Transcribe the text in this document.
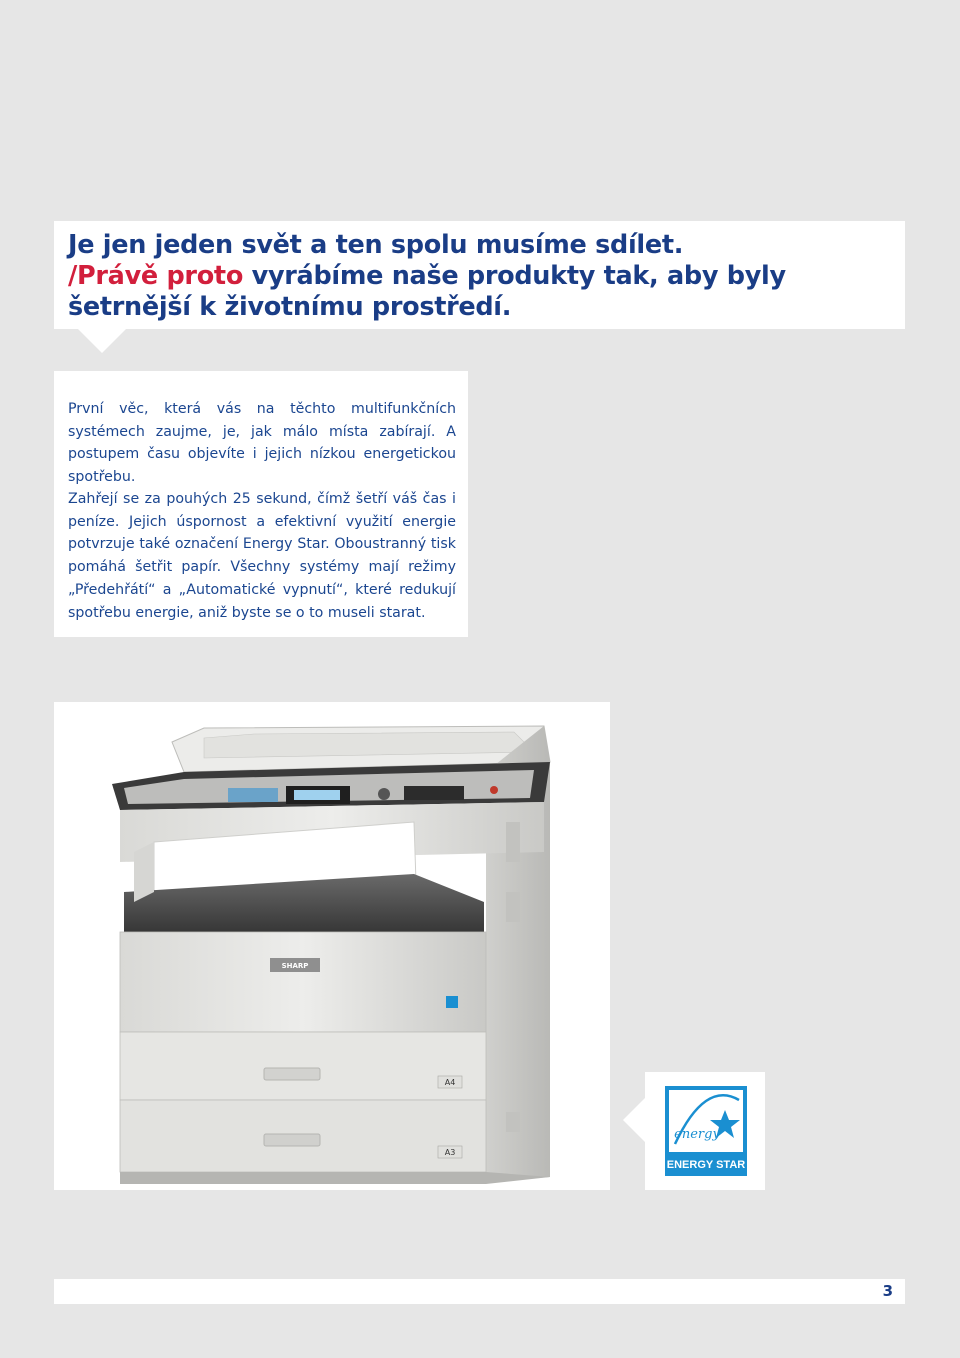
Je jen jeden svět a ten spolu musíme sdílet.
/Právě proto vyrábíme naše produkty tak, aby byly
šetrnější k životnímu prostředí.

První věc, která vás na těchto multifunkčních systémech zaujme, je, jak málo místa zabírají. A postupem času objevíte i jejich nízkou energetickou spotřebu.

Zahřejí se za pouhých 25 sekund, čímž šetří váš čas i peníze. Jejich úspornost a efektivní využití energie potvrzuje také označení Energy Star. Oboustranný tisk pomáhá šetřit papír. Všechny systémy mají režimy „Předehřátí“ a „Automatické vypnutí“, které redukují spotřebu energie, aniž byste se o to museli starat.

SHARP
A4
A3
energy
ENERGY STAR
3
